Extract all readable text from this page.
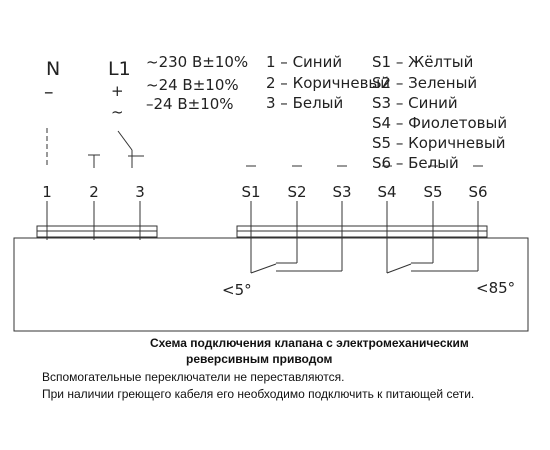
N
–
L1
+
~
~230 В±10%
~24 В±10%
–24 В±10%
1 – Синий
2 – Коричневый
3 – Белый
S1 – Жёлтый
S2 – Зеленый
S3 – Синий
S4 – Фиолетовый
S5 – Коричневый
S6 – Белый
1 2 3	S1 S2 S3 S4 S5 S6
<5°	<85°
Схема подключения клапана с электромеханическим
реверсивным приводом
Вспомогательные переключатели не переставляются.
При наличии греющего кабеля его необходимо подключить к питающей сети.
